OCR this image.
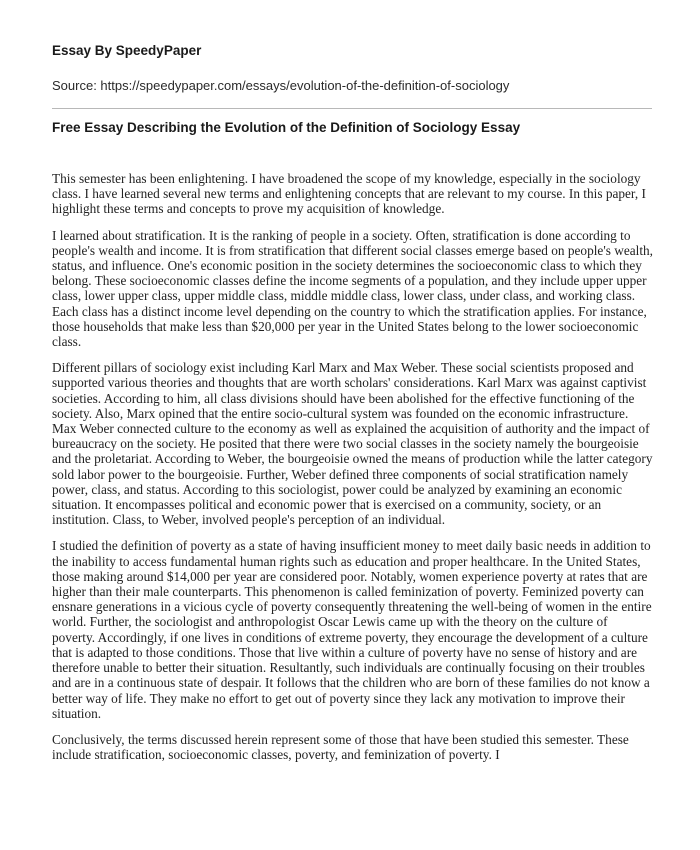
Essay By SpeedyPaper
Source: https://speedypaper.com/essays/evolution-of-the-definition-of-sociology
Free Essay Describing the Evolution of the Definition of Sociology Essay

This semester has been enlightening. I have broadened the scope of my knowledge, especially in the sociology class. I have learned several new terms and enlightening concepts that are relevant to my course. In this paper, I highlight these terms and concepts to prove my acquisition of knowledge.

I learned about stratification. It is the ranking of people in a society. Often, stratification is done according to people's wealth and income. It is from stratification that different social classes emerge based on people's wealth, status, and influence. One's economic position in the society determines the socioeconomic class to which they belong. These socioeconomic classes define the income segments of a population, and they include upper upper class, lower upper class, upper middle class, middle middle class, lower class, under class, and working class. Each class has a distinct income level depending on the country to which the stratification applies. For instance, those households that make less than $20,000 per year in the United States belong to the lower socioeconomic class.

Different pillars of sociology exist including Karl Marx and Max Weber. These social scientists proposed and supported various theories and thoughts that are worth scholars' considerations. Karl Marx was against captivist societies. According to him, all class divisions should have been abolished for the effective functioning of the society. Also, Marx opined that the entire socio-cultural system was founded on the economic infrastructure. Max Weber connected culture to the economy as well as explained the acquisition of authority and the impact of bureaucracy on the society. He posited that there were two social classes in the society namely the bourgeoisie and the proletariat. According to Weber, the bourgeoisie owned the means of production while the latter category sold labor power to the bourgeoisie. Further, Weber defined three components of social stratification namely power, class, and status. According to this sociologist, power could be analyzed by examining an economic situation. It encompasses political and economic power that is exercised on a community, society, or an institution. Class, to Weber, involved people's perception of an individual.

I studied the definition of poverty as a state of having insufficient money to meet daily basic needs in addition to the inability to access fundamental human rights such as education and proper healthcare. In the United States, those making around $14,000 per year are considered poor. Notably, women experience poverty at rates that are higher than their male counterparts. This phenomenon is called feminization of poverty. Feminized poverty can ensnare generations in a vicious cycle of poverty consequently threatening the well-being of women in the entire world. Further, the sociologist and anthropologist Oscar Lewis came up with the theory on the culture of poverty. Accordingly, if one lives in conditions of extreme poverty, they encourage the development of a culture that is adapted to those conditions. Those that live within a culture of poverty have no sense of history and are therefore unable to better their situation. Resultantly, such individuals are continually focusing on their troubles and are in a continuous state of despair. It follows that the children who are born of these families do not know a better way of life. They make no effort to get out of poverty since they lack any motivation to improve their situation.

Conclusively, the terms discussed herein represent some of those that have been studied this semester. These include stratification, socioeconomic classes, poverty, and feminization of poverty. I
